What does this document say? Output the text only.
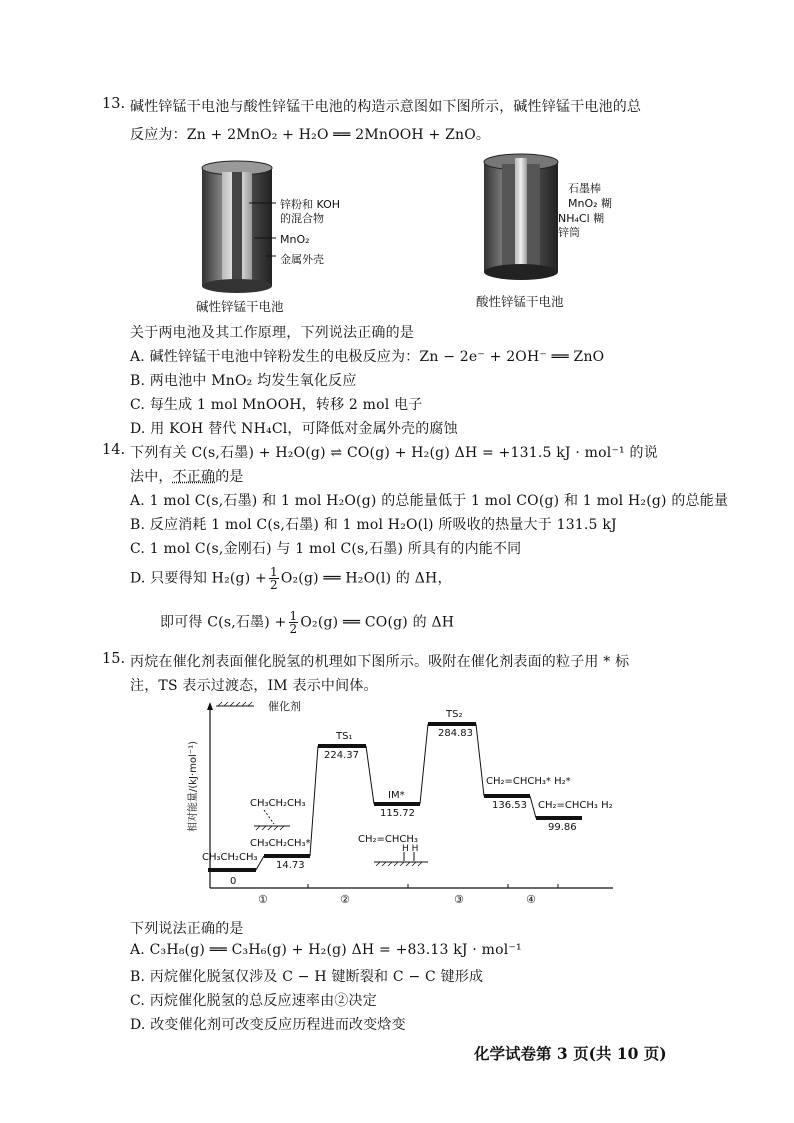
13. 碱性锌锰干电池与酸性锌锰干电池的构造示意图如下图所示，碱性锌锰干电池的总
反应为：Zn + 2MnO₂ + H₂O ══ 2MnOOH + ZnO。
锌粉和 KOH
的混合物
MnO₂
金属外壳
碱性锌锰干电池
石墨棒
MnO₂ 糊
NH₄Cl 糊
锌筒
酸性锌锰干电池
关于两电池及其工作原理，下列说法正确的是
A. 碱性锌锰干电池中锌粉发生的电极反应为：Zn − 2e⁻ + 2OH⁻ ══ ZnO
B. 两电池中 MnO₂ 均发生氧化反应
C. 每生成 1 mol MnOOH，转移 2 mol 电子
D. 用 KOH 替代 NH₄Cl，可降低对金属外壳的腐蚀
14. 下列有关 C(s,石墨) + H₂O(g) ⇌ CO(g) + H₂(g) ΔH = +131.5 kJ · mol⁻¹ 的说
法中，不正确的是
A. 1 mol C(s,石墨) 和 1 mol H₂O(g) 的总能量低于 1 mol CO(g) 和 1 mol H₂(g) 的总能量
B. 反应消耗 1 mol C(s,石墨) 和 1 mol H₂O(l) 所吸收的热量大于 131.5 kJ
C. 1 mol C(s,金刚石) 与 1 mol C(s,石墨) 所具有的内能不同
D. 只要得知 $H_2(g) + \frac{1}{2} O_2(g)$ ══ H₂O(l) 的 ΔH，
即可得 C(s,石墨) + $\frac{1}{2} O_2(g)$ ══ CO(g) 的 ΔH
15. 丙烷在催化剂表面催化脱氢的机理如下图所示。吸附在催化剂表面的粒子用 * 标
注，TS 表示过渡态，IM 表示中间体。
相对能量/(kJ·mol⁻¹)
催化剂
CH₃CH₂CH₃
0
CH₃CH₂CH₃*
14.73
TS₁
224.37
IM*
115.72
TS₂
284.83
CH₂=CHCH₃* H₂*
136.53 CH₂=CHCH₃ H₂
99.86
CH₃CH₂CH₃
CH₂=CHCH₃
H H
①	②	③	④
下列说法正确的是
A. C₃H₈(g) ══ C₃H₆(g) + H₂(g) ΔH = +83.13 kJ · mol⁻¹
B. 丙烷催化脱氢仅涉及 C − H 键断裂和 C − C 键形成
C. 丙烷催化脱氢的总反应速率由②决定
D. 改变催化剂可改变反应历程进而改变焓变
化学试卷第 3 页(共 10 页)
